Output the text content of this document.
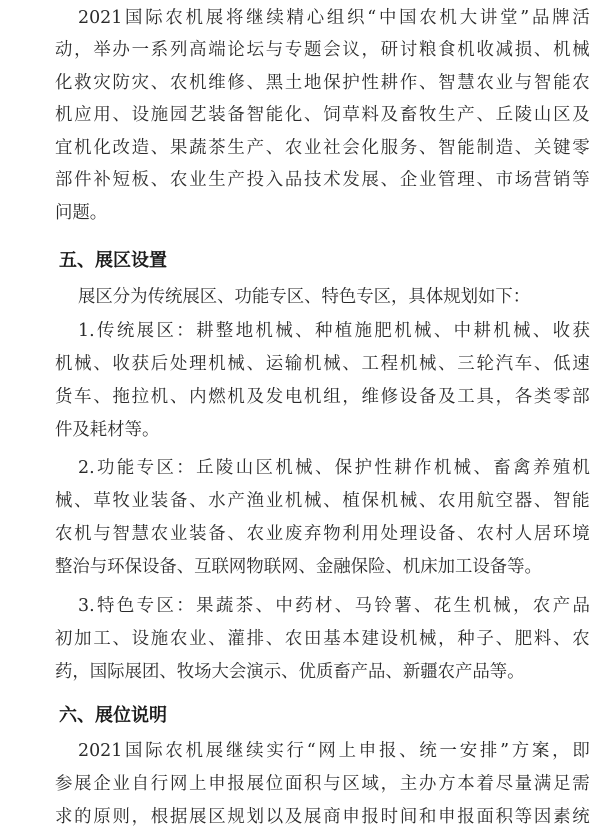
2021 国 际 农 机 展 将 继 续 精 心 组 织 “ 中 国 农 机 大 讲 堂 ” 品 牌 活
动 ， 举 办 一 系 列 高 端 论 坛 与 专 题 会 议 ， 研 讨 粮 食 机 收 减 损 、 机 械
化 救 灾 防 灾 、 农 机 维 修 、 黑 土 地 保 护 性 耕 作 、 智 慧 农 业 与 智 能 农
机 应 用 、 设 施 园 艺 装 备 智 能 化 、 饲 草 料 及 畜 牧 生 产 、 丘 陵 山 区 及
宜 机 化 改 造 、 果 蔬 茶 生 产 、 农 业 社 会 化 服 务 、 智 能 制 造 、 关 键 零
部 件 补 短 板 、 农 业 生 产 投 入 品 技 术 发 展 、 企 业 管 理 、 市 场 营 销 等
问题。
五、展区设置
展区分为传统展区、功能专区、特色专区，具体规划如下：
1. 传 统 展 区 ： 耕 整 地 机 械 、 种 植 施 肥 机 械 、 中 耕 机 械 、 收 获
机 械 、 收 获 后 处 理 机 械 、 运 输 机 械 、 工 程 机 械 、 三 轮 汽 车 、 低 速
货 车 、 拖 拉 机 、 内 燃 机 及 发 电 机 组 ， 维 修 设 备 及 工 具 ， 各 类 零 部
件及耗材等。
2. 功 能 专 区 ： 丘 陵 山 区 机 械 、 保 护 性 耕 作 机 械 、 畜 禽 养 殖 机
械 、 草 牧 业 装 备 、 水 产 渔 业 机 械 、 植 保 机 械 、 农 用 航 空 器 、 智 能
农 机 与 智 慧 农 业 装 备 、 农 业 废 弃 物 利 用 处 理 设 备 、 农 村 人 居 环 境
整治与环保设备、互联网物联网、金融保险、机床加工设备等。
3. 特 色 专 区 ： 果 蔬 茶 、 中 药 材 、 马 铃 薯 、 花 生 机 械 ， 农 产 品
初 加 工 、 设 施 农 业 、 灌 排 、 农 田 基 本 建 设 机 械 ， 种 子 、 肥 料 、 农
药，国际展团、牧场大会演示、优质畜产品、新疆农产品等。
六、展位说明
2021 国 际 农 机 展 继 续 实 行 “ 网 上 申 报 、 统 一 安 排 ” 方 案 ， 即
参 展 企 业 自 行 网 上 申 报 展 位 面 积 与 区 域 ， 主 办 方 本 着 尽 量 满 足 需
求 的 原 则 ， 根 据 展 区 规 划 以 及 展 商 申 报 时 间 和 申 报 面 积 等 因 素 统
